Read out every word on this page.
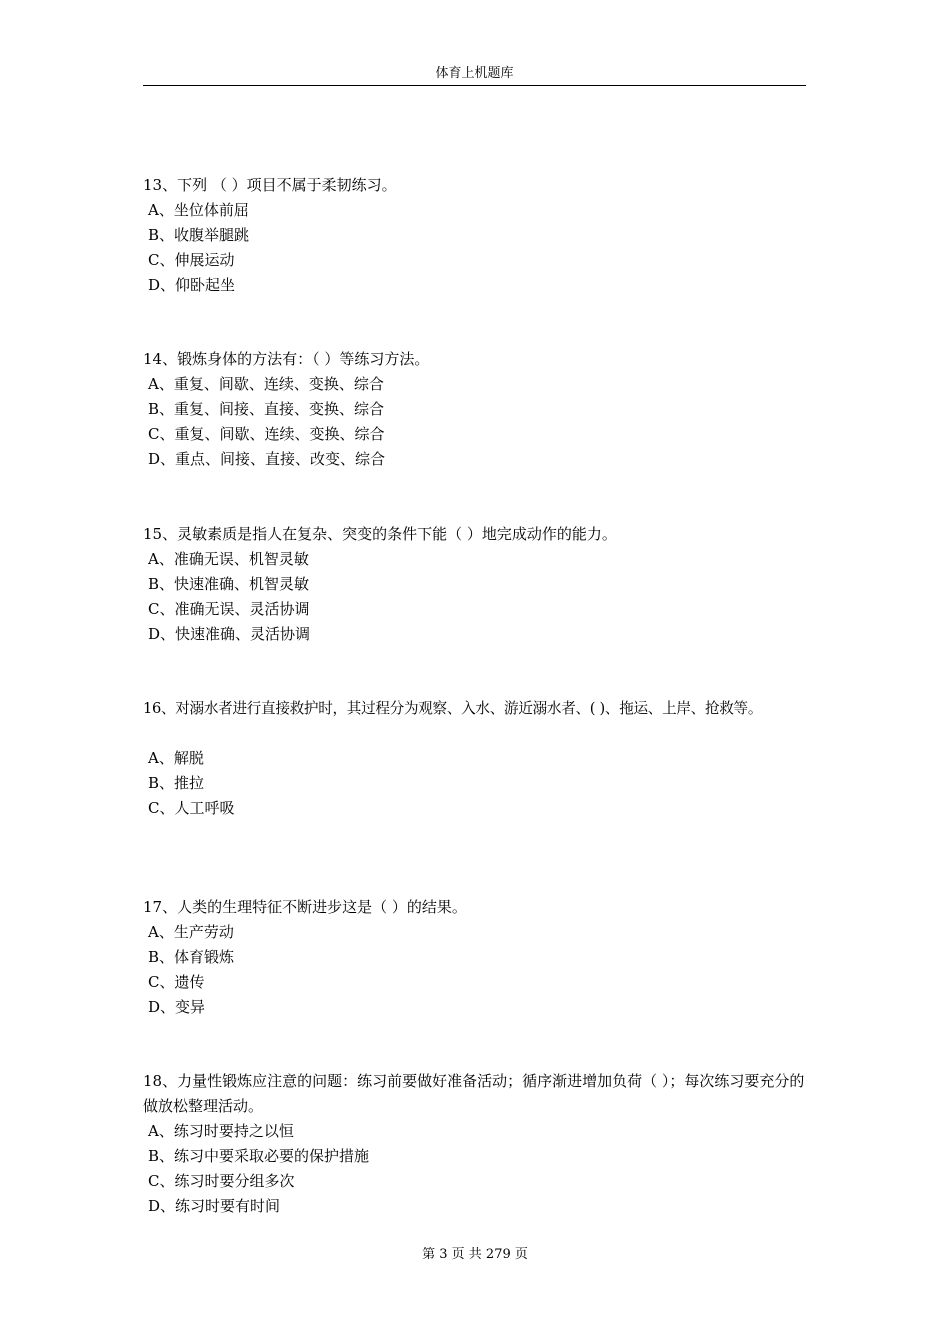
体育上机题库
13、下列 （ ）项目不属于柔韧练习。
A、坐位体前屈
B、收腹举腿跳
C、伸展运动
D、仰卧起坐
14、锻炼身体的方法有：（ ）等练习方法。
A、重复、间歇、连续、变换、综合
B、重复、间接、直接、变换、综合
C、重复、间歇、连续、变换、综合
D、重点、间接、直接、改变、综合
15、灵敏素质是指人在复杂、突变的条件下能（ ）地完成动作的能力。
A、准确无误、机智灵敏
B、快速准确、机智灵敏
C、准确无误、灵活协调
D、快速准确、灵活协调
16、对溺水者进行直接救护时，其过程分为观察、入水、游近溺水者、( )、拖运、上岸、抢救等。
A、解脱
B、推拉
C、人工呼吸
17、人类的生理特征不断进步这是（ ）的结果。
A、生产劳动
B、体育锻炼
C、遗传
D、变异
18、力量性锻炼应注意的问题：练习前要做好准备活动；循序渐进增加负荷（ ）；每次练习要充分的做放松整理活动。
A、练习时要持之以恒
B、练习中要采取必要的保护措施
C、练习时要分组多次
D、练习时要有时间
第 3 页 共 279 页
